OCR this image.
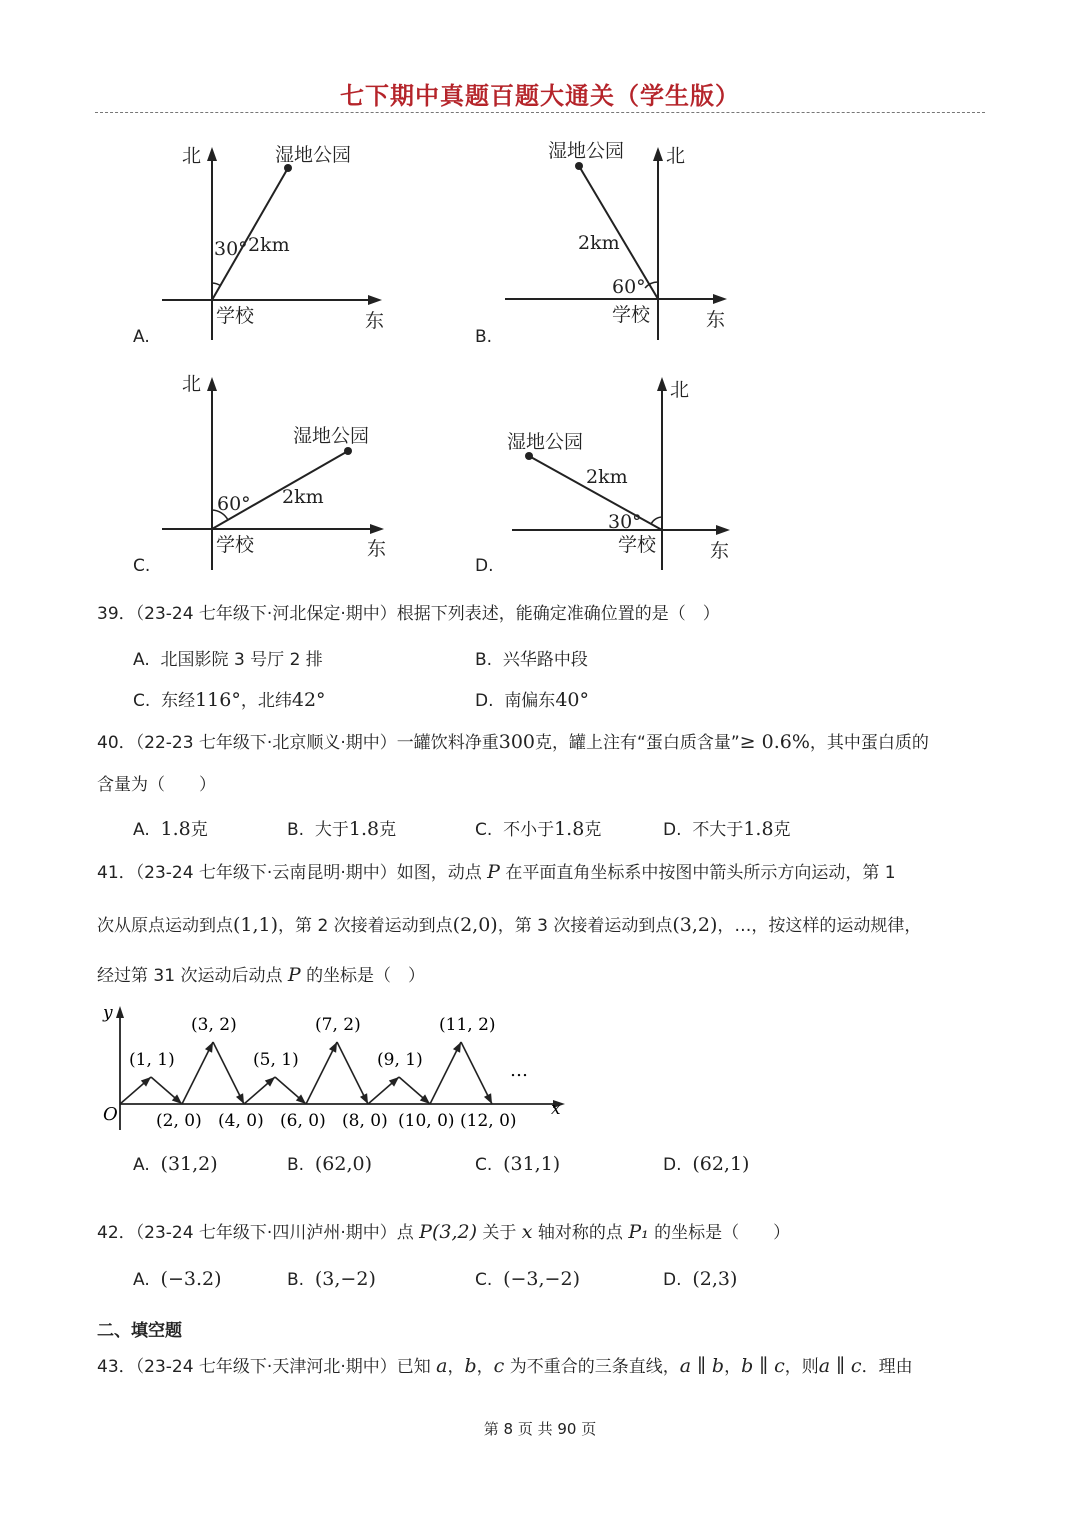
七下期中真题百题大通关（学生版）
北	湿地公园
30° 2km
学校	东
A.
湿地公园 北
2km
60°
学校	东
B.
北
湿地公园
60° 2km
学校	东
C.
北
湿地公园
2km
30°
学校	东
D.
39．（23-24 七年级下·河北保定·期中）根据下列表述，能确定准确位置的是（　）
A. 北国影院 3 号厅 2 排	B. 兴华路中段
C. 东经116°，北纬42°	D. 南偏东40°
40．（22-23 七年级下·北京顺义·期中）一罐饮料净重300克，罐上注有“蛋白质含量”≥ 0.6%，其中蛋白质的
含量为（　　）
A. 1.8克	B. 大于1.8克	C. 不小于1.8克	D. 不大于1.8克
41．（23-24 七年级下·云南昆明·期中）如图，动点 P 在平面直角坐标系中按图中箭头所示方向运动，第 1
次从原点运动到点(1,1)，第 2 次接着运动到点(2,0)，第 3 次接着运动到点(3,2)，…，按这样的运动规律，
经过第 31 次运动后动点 P 的坐标是（　）
y
x
O
(1, 1)
(3, 2)
(5, 1)
(7, 2)
(9, 1)
(11, 2)
(2, 0) (4, 0) (6, 0) (8, 0) (10, 0) (12, 0)
…
A. (31,2)	B. (62,0)	C. (31,1)	D. (62,1)
42．（23-24 七年级下·四川泸州·期中）点 P(3,2) 关于 x 轴对称的点 P₁ 的坐标是（　　）
A. (−3.2)	B. (3,−2)	C. (−3,−2)	D. (2,3)
二、填空题
43．（23-24 七年级下·天津河北·期中）已知 a，b，c 为不重合的三条直线，a ∥ b，b ∥ c，则a ∥ c．理由
第 8 页 共 90 页
